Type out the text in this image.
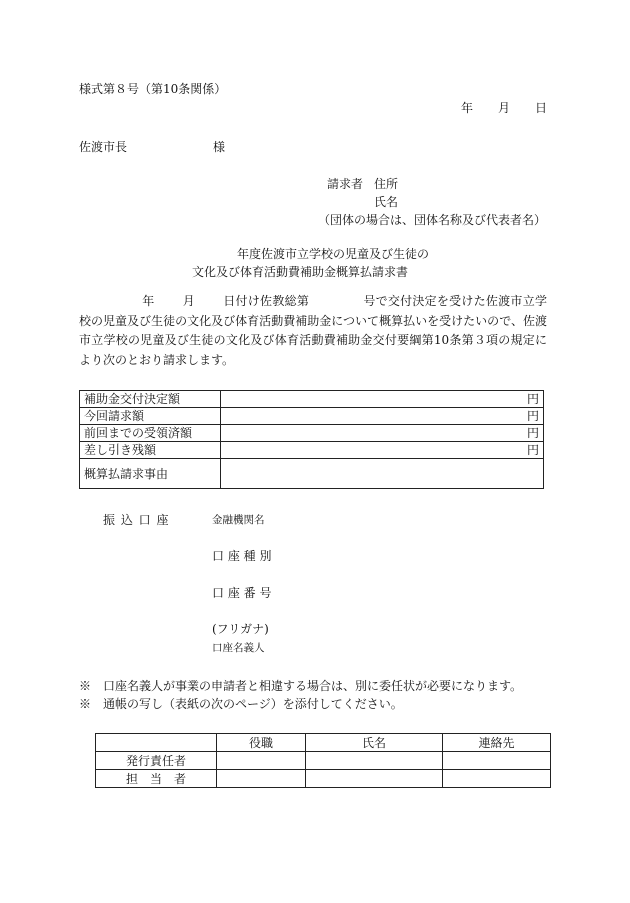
様式第８号（第10条関係）
年 月 日
佐渡市長	様
請求者 住所
氏名
（団体の場合は、団体名称及び代表者名）
年度佐渡市立学校の児童及び生徒の
文化及び体育活動費補助金概算払請求書

年 月 日付け佐教総第	号で交付決定を受けた佐渡市立学校の児童及び生徒の文化及び体育活動費補助金について概算払いを受けたいので、佐渡市立学校の児童及び生徒の文化及び体育活動費補助金交付要綱第10条第３項の規定により次のとおり請求します。

補助金交付決定額	円
今回請求額	円
前回までの受領済額	円
差し引き残額	円
概算払請求事由	
振 込 口 座	金融機関名
口 座 種 別
口 座 番 号
(フリガナ)
口座名義人
※　口座名義人が事業の申請者と相違する場合は、別に委任状が必要になります。
※　通帳の写し（表紙の次のページ）を添付してください。
	役職	氏名	連絡先
発行責任者			
担　当　者			
